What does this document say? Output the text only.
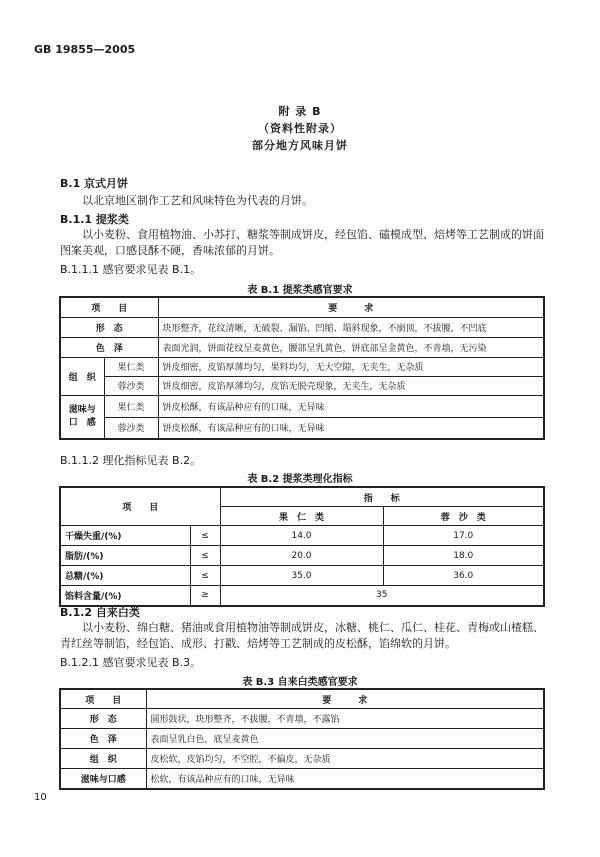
GB 19855—2005
附 录 B
（资料性附录）
部分地方风味月饼
B.1 京式月饼
以北京地区制作工艺和风味特色为代表的月饼。
B.1.1 提浆类
以小麦粉、食用植物油、小苏打、糖浆等制成饼皮，经包馅、磕模成型、焙烤等工艺制成的饼面图案美观，口感艮酥不硬，香味浓郁的月饼。
B.1.1.1 感官要求见表 B.1。
表 B.1 提浆类感官要求
项　　目		要　　　求
形　态		块形整齐，花纹清晰，无破裂、漏馅、凹缩、塌斜现象，不崩顶，不拔腰，不凹底
色　泽		表面光润，饼面花纹呈麦黄色，腰部呈乳黄色，饼底部呈金黄色，不青墙，无污染
组　织	果仁类	饼皮细密，皮馅厚薄均匀，果料均匀，无大空隙，无夹生，无杂质
	蓉沙类	饼皮细密，皮馅厚薄均匀，皮馅无脱壳现象，无夹生，无杂质

滋味与
口　感	果仁类	饼皮松酥，有该品种应有的口味，无异味
	蓉沙类	饼皮松酥，有该品种应有的口味，无异味
B.1.1.2 理化指标见表 B.2。
表 B.2 提浆类理化指标
项　　目		指　　标	
		果　仁　类	蓉　沙　类
干燥失重/(%)	≤	14.0	17.0
脂肪/(%)	≤	20.0	18.0
总糖/(%)	≤	35.0	36.0
馅料含量/(%)	≥	35	
B.1.2 自来白类
以小麦粉、绵白糖、猪油或食用植物油等制成饼皮，冰糖、桃仁、瓜仁、桂花、青梅或山楂糕、青红丝等制馅，经包馅、成形、打戳、焙烤等工艺制成的皮松酥，馅绵软的月饼。
B.1.2.1 感官要求见表 B.3。
表 B.3 自来白类感官要求
项　　目	要　　　求
形　态	圆形鼓状，块形整齐，不拔腰，不青墙，不露馅
色　泽	表面呈乳白色，底呈麦黄色
组　织	皮松软，皮馅均匀，不空腔，不偏皮，无杂质
滋味与口感	松软，有该品种应有的口味，无异味
10
